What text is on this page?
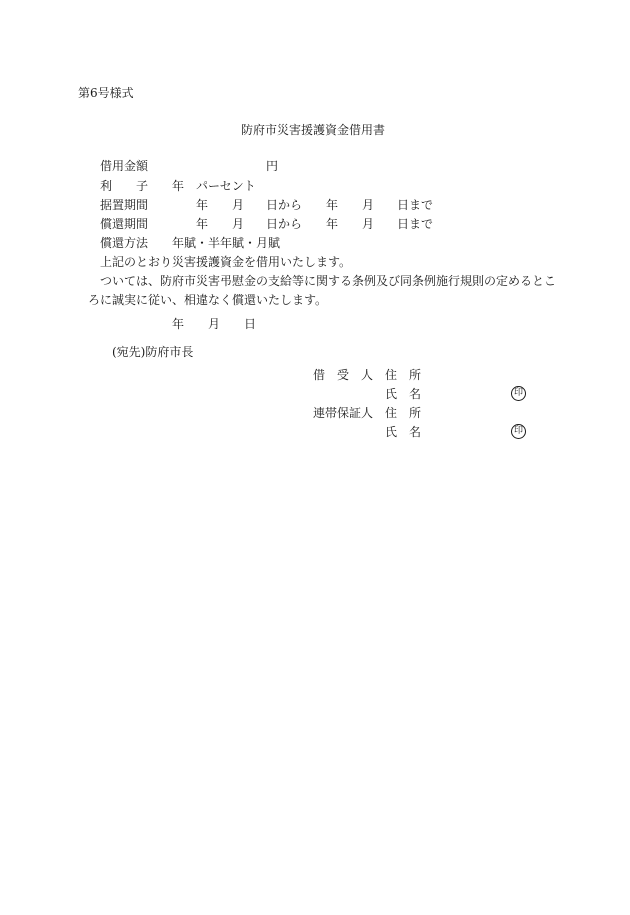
第6号様式
防府市災害援護資金借用書
借用金額	円
利　　子 年 パーセント
据置期間	年 月 日から 年 月 日まで
償還期間	年 月 日から 年 月 日まで
償還方法 年賦・半年賦・月賦
上記のとおり災害援護資金を借用いたします。
ついては、防府市災害弔慰金の支給等に関する条例及び同条例施行規則の定めるとこ
ろに誠実に従い、相違なく償還いたします。
年 月 日
(宛先)防府市長
借　受　人 住　所
氏　名	印
連帯保証人 住　所
氏　名	印
